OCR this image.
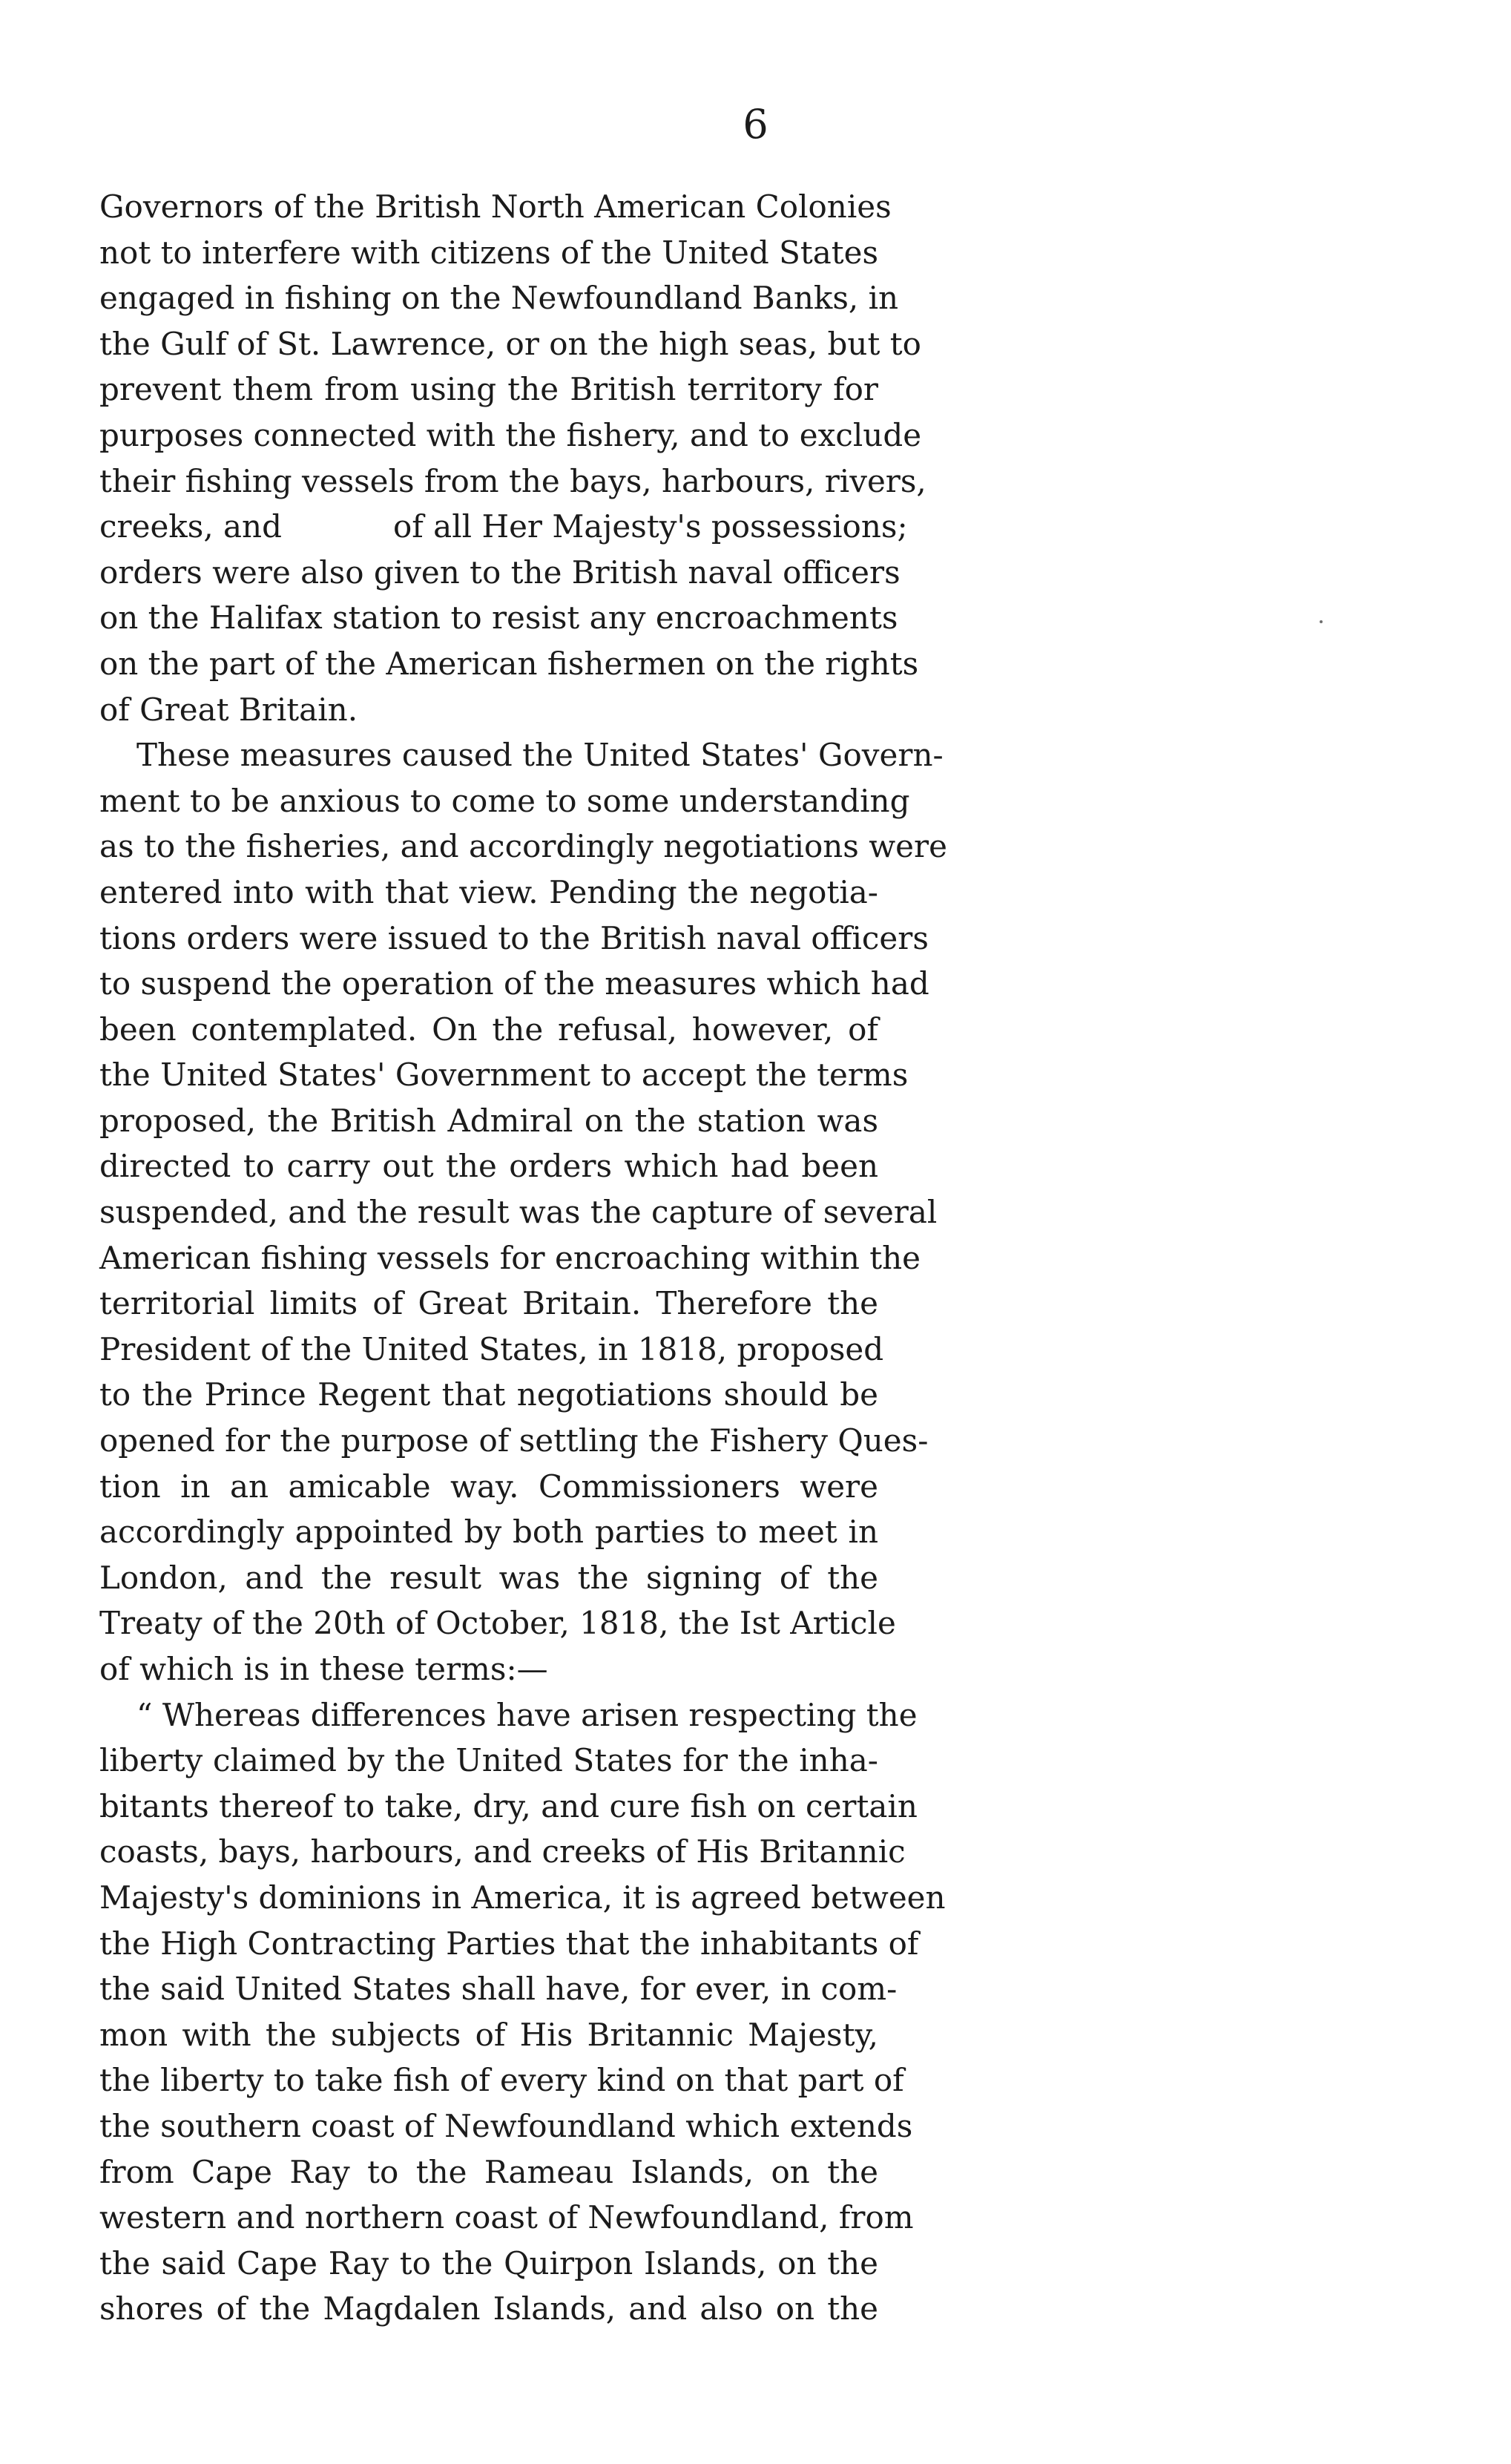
6
Governors of the British North American Colonies
not to interfere with citizens of the United States
engaged in fishing on the Newfoundland Banks, in
the Gulf of St. Lawrence, or on the high seas, but to
prevent them from using the British territory for
purposes connected with the fishery, and to exclude
their fishing vessels from the bays, harbours, rivers,
creeks, and	of all Her Majesty's possessions;
orders were also given to the British naval officers
on the Halifax station to resist any encroachments
on the part of the American fishermen on the rights
of Great Britain.
These measures caused the United States' Govern-
ment to be anxious to come to some understanding
as to the fisheries, and accordingly negotiations were
entered into with that view. Pending the negotia-
tions orders were issued to the British naval officers
to suspend the operation of the measures which had
been contemplated. On the refusal, however, of
the United States' Government to accept the terms
proposed, the British Admiral on the station was
directed to carry out the orders which had been
suspended, and the result was the capture of several
American fishing vessels for encroaching within the
territorial limits of Great Britain. Therefore the
President of the United States, in 1818, proposed
to the Prince Regent that negotiations should be
opened for the purpose of settling the Fishery Ques-
tion in an amicable way. Commissioners were
accordingly appointed by both parties to meet in
London, and the result was the signing of the
Treaty of the 20th of October, 1818, the Ist Article
of which is in these terms:—
“ Whereas differences have arisen respecting the
liberty claimed by the United States for the inha-
bitants thereof to take, dry, and cure fish on certain
coasts, bays, harbours, and creeks of His Britannic
Majesty's dominions in America, it is agreed between
the High Contracting Parties that the inhabitants of
the said United States shall have, for ever, in com-
mon with the subjects of His Britannic Majesty,
the liberty to take fish of every kind on that part of
the southern coast of Newfoundland which extends
from Cape Ray to the Rameau Islands, on the
western and northern coast of Newfoundland, from
the said Cape Ray to the Quirpon Islands, on the
shores of the Magdalen Islands, and also on the
